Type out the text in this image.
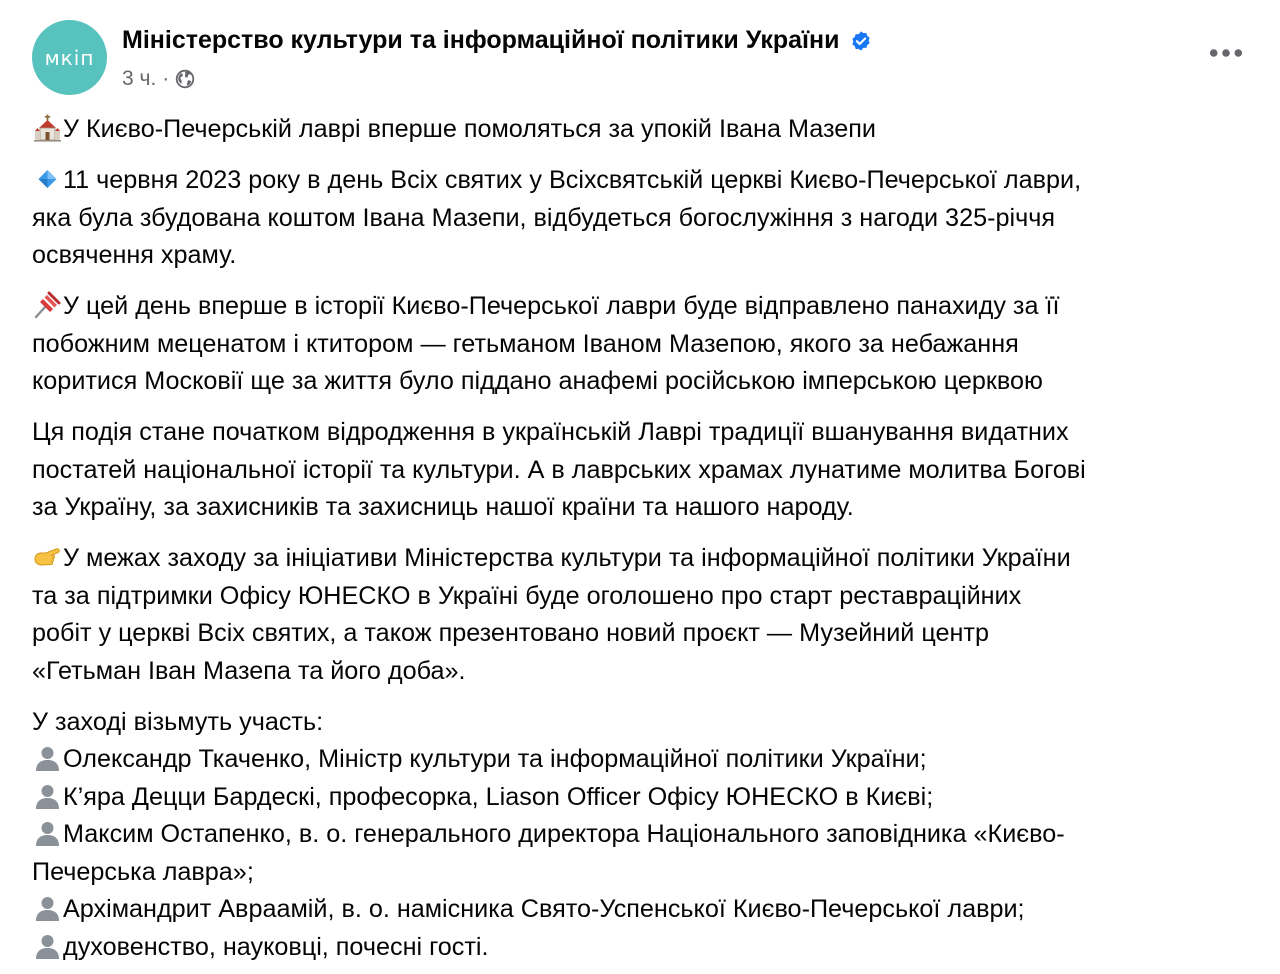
мкіп
Міністерство культури та інформаційної політики України
3 ч. ·
У Києво-Печерській лаврі вперше помоляться за упокій Івана Мазепи
11 червня 2023 року в день Всіх святих у Всіхсвятській церкві Києво-Печерської лаври,
яка була збудована коштом Івана Мазепи, відбудеться богослужіння з нагоди 325-річчя
освячення храму.
У цей день вперше в історії Києво-Печерської лаври буде відправлено панахиду за її
побожним меценатом і ктитором — гетьманом Іваном Мазепою, якого за небажання
коритися Московії ще за життя було піддано анафемі російською імперською церквою
Ця подія стане початком відродження в українській Лаврі традиції вшанування видатних
постатей національної історії та культури. А в лаврських храмах лунатиме молитва Богові
за Україну, за захисників та захисниць нашої країни та нашого народу.
У межах заходу за ініціативи Міністерства культури та інформаційної політики України
та за підтримки Офісу ЮНЕСКО в Україні буде оголошено про старт реставраційних
робіт у церкві Всіх святих, а також презентовано новий проєкт — Музейний центр
«Гетьман Іван Мазепа та його доба».
У заході візьмуть участь:
Олександр Ткаченко, Міністр культури та інформаційної політики України;
К’яра Децци Бардескі, професорка, Liason Officer Офісу ЮНЕСКО в Києві;
Максим Остапенко, в. о. генерального директора Національного заповідника «Києво-
Печерська лавра»;
Архімандрит Авраамій, в. о. намісника Свято-Успенської Києво-Печерської лаври;
духовенство, науковці, почесні гості.
